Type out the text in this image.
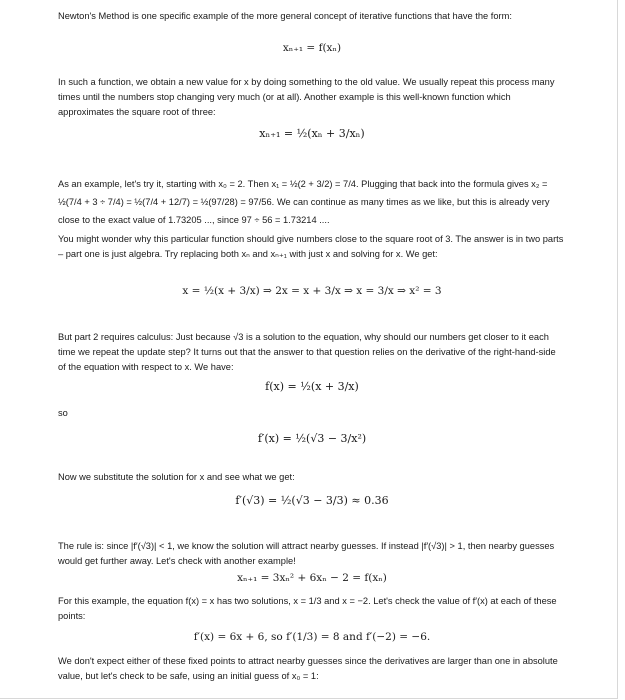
Newton's Method is one specific example of the more general concept of iterative functions that have the form:

xₙ₊₁ = f(xₙ)

In such a function, we obtain a new value for x by doing something to the old value. We usually repeat this process many times until the numbers stop changing very much (or at all). Another example is this well-known function which approximates the square root of three:

xₙ₊₁ = ½(xₙ + 3/xₙ)

As an example, let's try it, starting with x₀ = 2. Then x₁ = ½(2 + 3/2) = 7/4. Plugging that back into the formula gives x₂ = ½(7/4 + 3 ÷ 7/4) = ½(7/4 + 12/7) = ½(97/28) = 97/56. We can continue as many times as we like, but this is already very close to the exact value of 1.73205 ..., since 97 ÷ 56 = 1.73214 ....

You might wonder why this particular function should give numbers close to the square root of 3. The answer is in two parts – part one is just algebra. Try replacing both xₙ and xₙ₊₁ with just x and solving for x. We get:

x = ½(x + 3/x) ⇒ 2x = x + 3/x ⇒ x = 3/x ⇒ x² = 3

But part 2 requires calculus: Just because √3 is a solution to the equation, why should our numbers get closer to it each time we repeat the update step? It turns out that the answer to that question relies on the derivative of the right-hand-side of the equation with respect to x. We have:

f(x) = ½(x + 3/x)
so
f′(x) = ½(√3 − 3/x²)

Now we substitute the solution for x and see what we get:

f′(√3) = ½(√3 − 3/3) ≈ 0.36

The rule is: since |f′(√3)| < 1, we know the solution will attract nearby guesses. If instead |f′(√3)| > 1, then nearby guesses would get further away. Let's check with another example!

xₙ₊₁ = 3xₙ² + 6xₙ − 2 = f(xₙ)

For this example, the equation f(x) = x has two solutions, x = 1/3 and x = −2. Let's check the value of f′(x) at each of these points:

f′(x) = 6x + 6, so f′(1/3) = 8 and f′(−2) = −6.

We don't expect either of these fixed points to attract nearby guesses since the derivatives are larger than one in absolute value, but let's check to be safe, using an initial guess of x₀ = 1:
